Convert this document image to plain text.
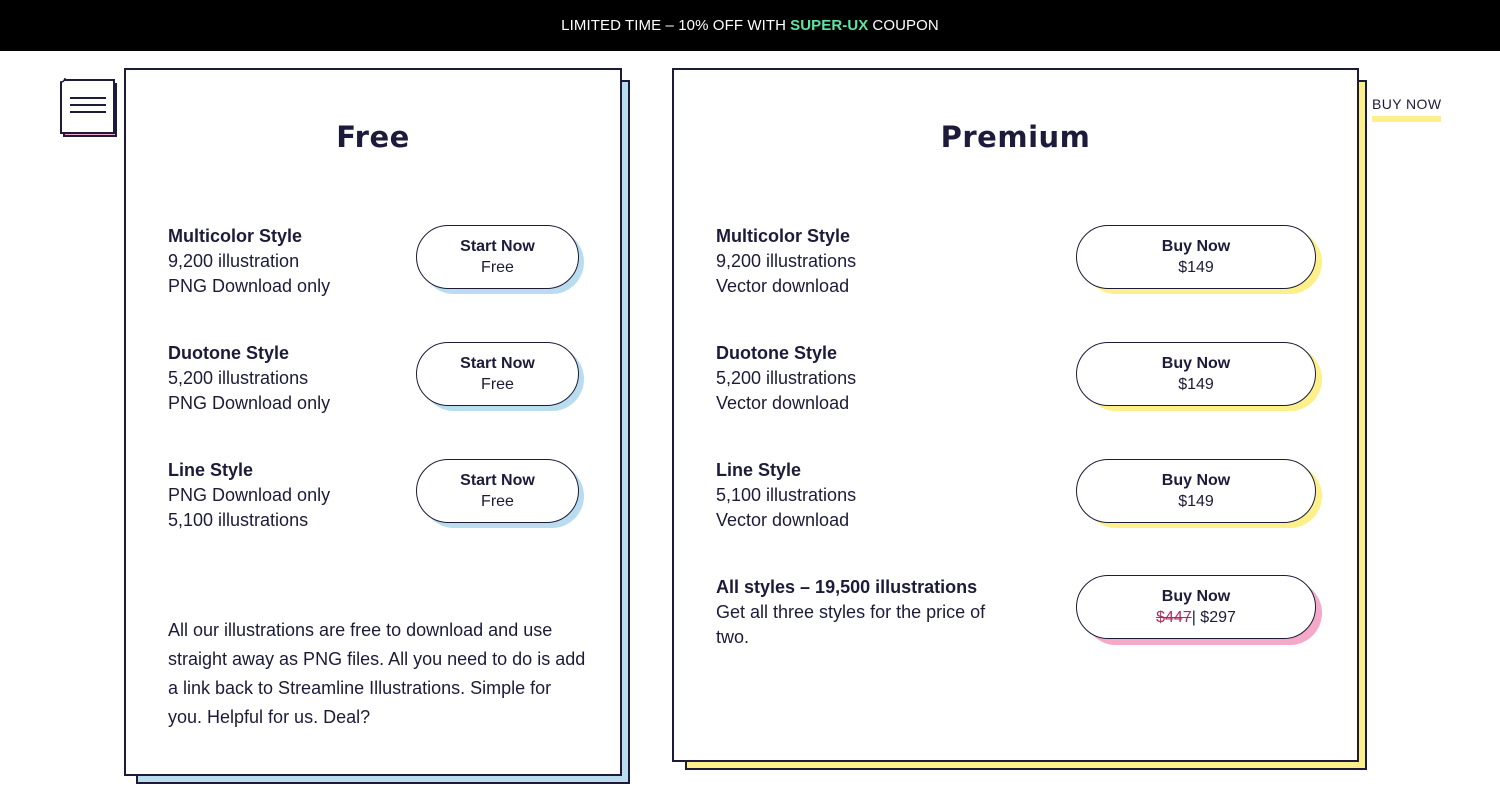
LIMITED TIME – 10% OFF WITH SUPER-UX COUPON
BUY NOW
Free
Multicolor Style
9,200 illustration
PNG Download only
Start Now
Free
Duotone Style
5,200 illustrations
PNG Download only
Start Now
Free
Line Style
PNG Download only
5,100 illustrations
Start Now
Free

All our illustrations are free to download and use straight away as PNG files. All you need to do is add a link back to Streamline Illustrations. Simple for you. Helpful for us. Deal?

Premium
Multicolor Style
9,200 illustrations
Vector download
Buy Now
$149
Duotone Style
5,200 illustrations
Vector download
Buy Now
$149
Line Style
5,100 illustrations
Vector download
Buy Now
$149
All styles – 19,500 illustrations
Get all three styles for the price of
two.
Buy Now
$447| $297
